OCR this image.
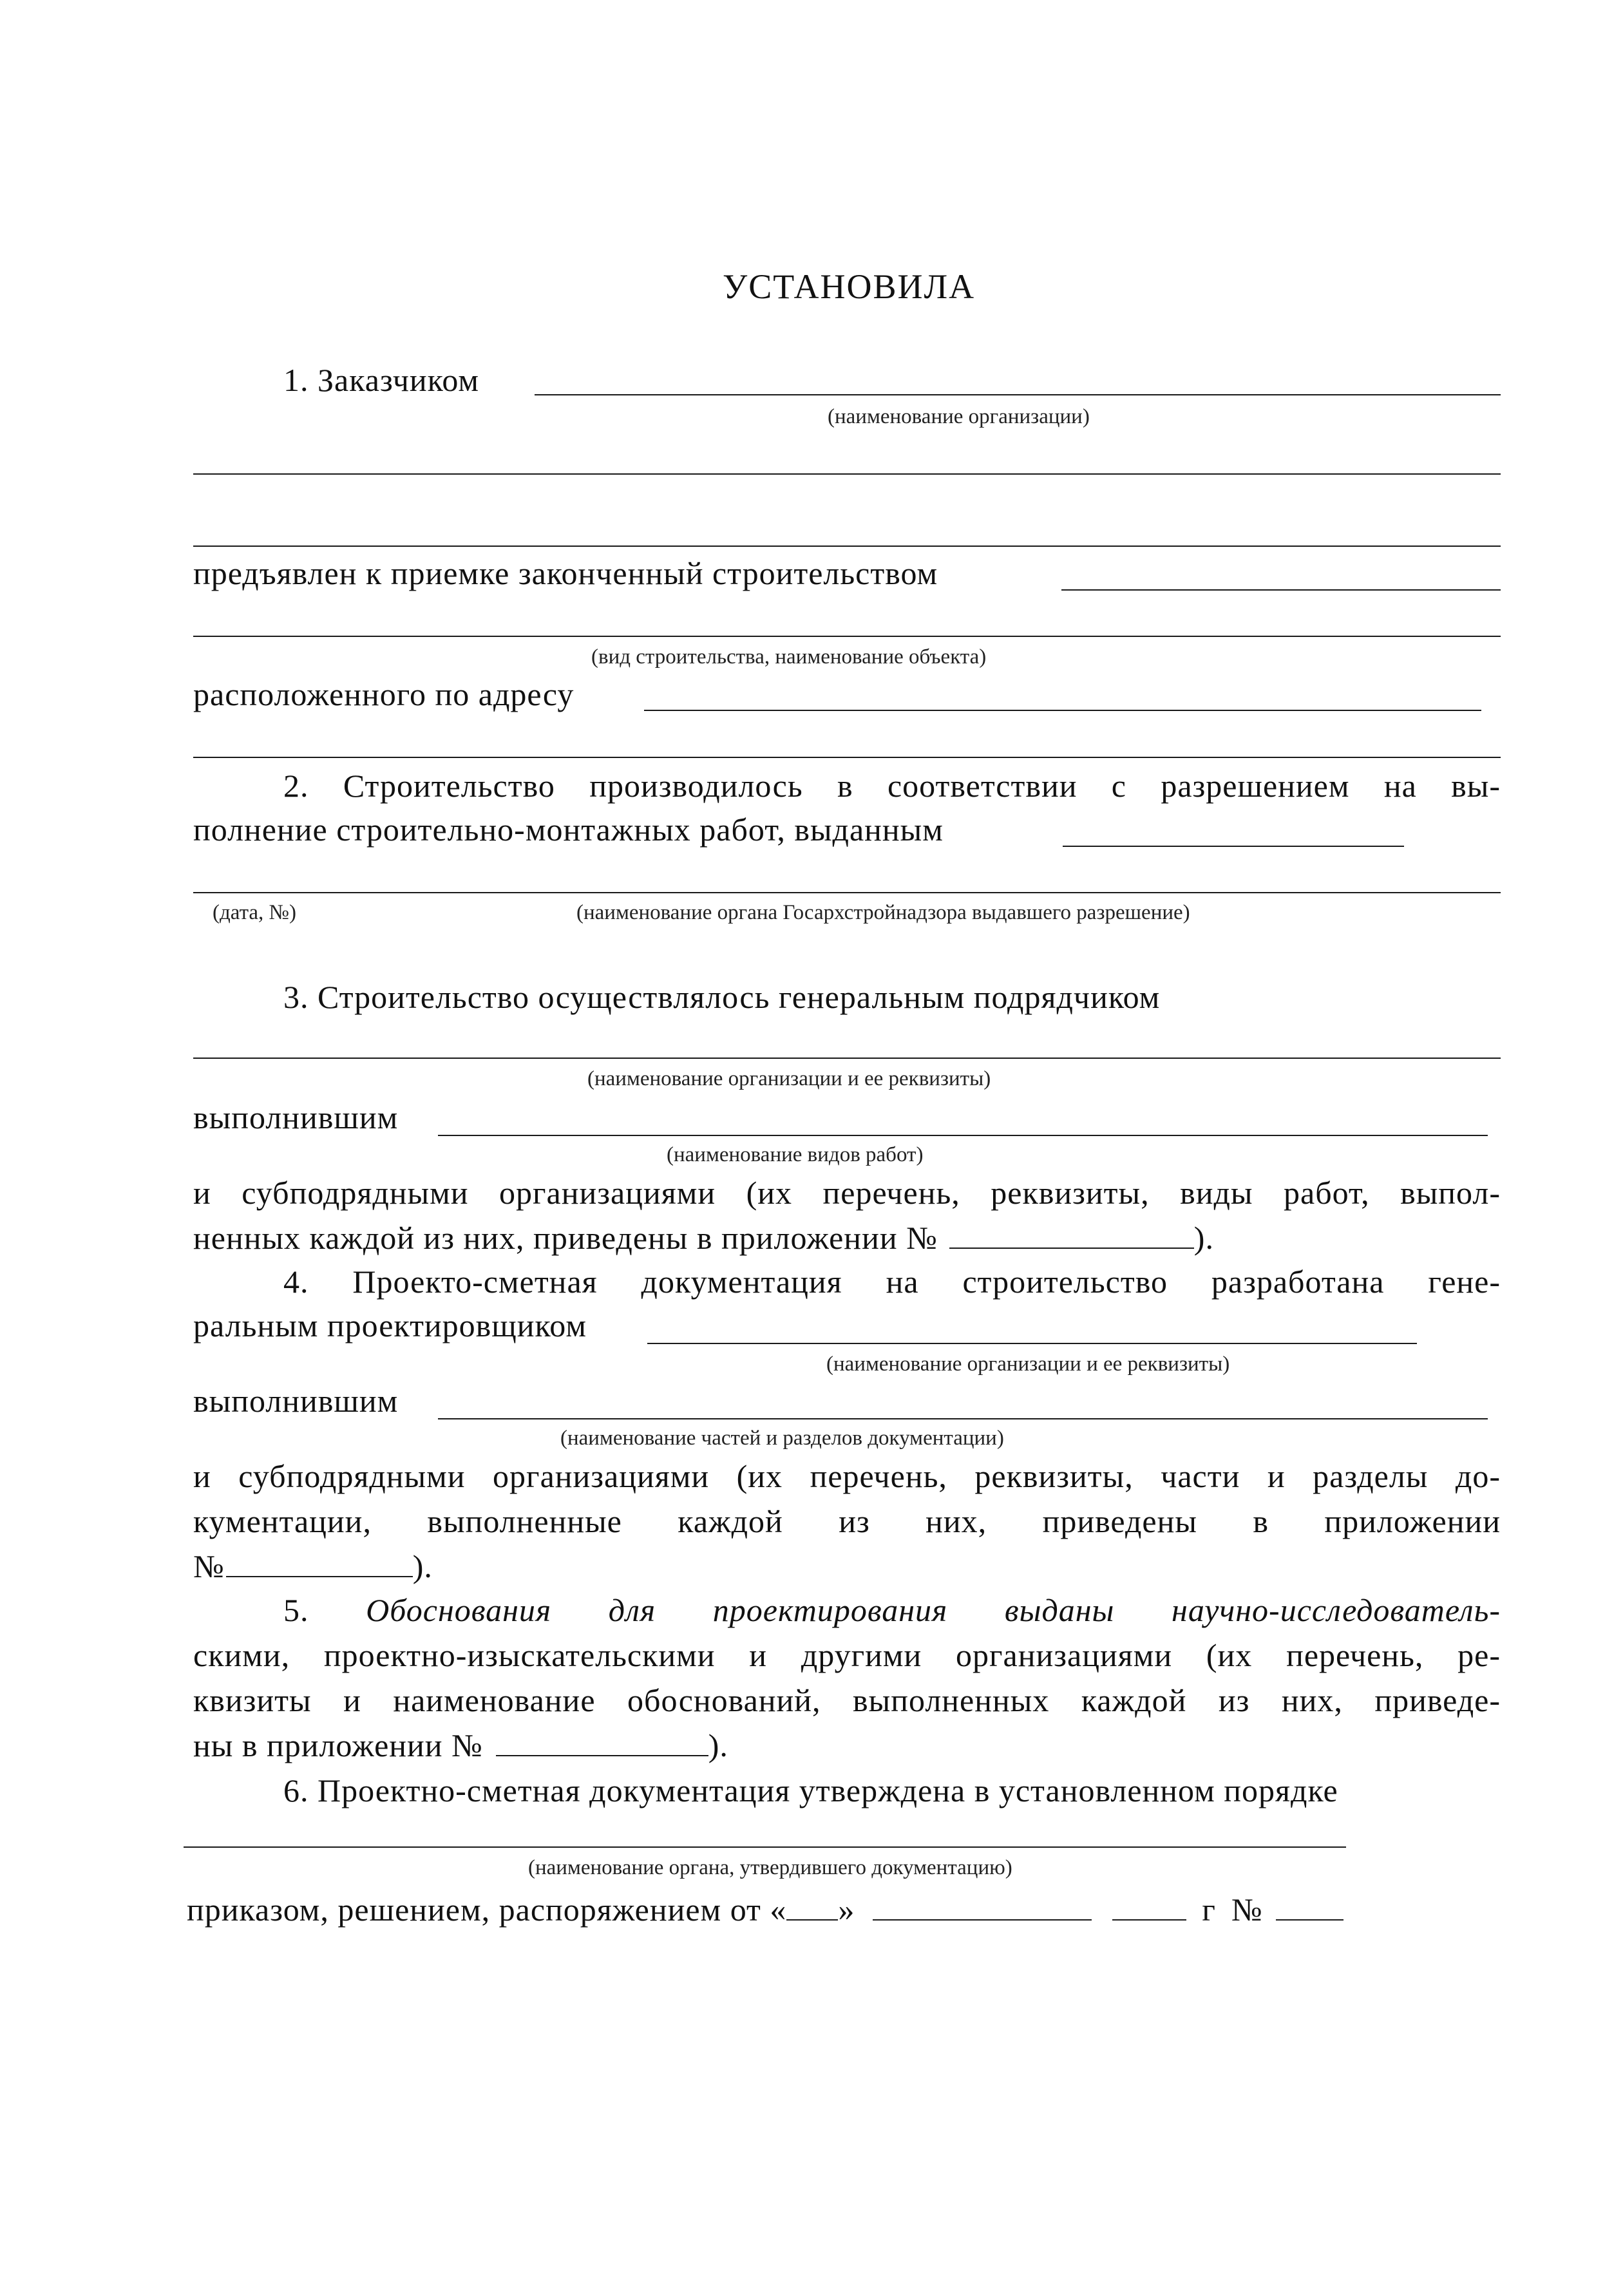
УСТАНОВИЛА
1. Заказчиком
(наименование организации)
предъявлен к приемке законченный строительством
(вид строительства, наименование объекта)
расположенного по адресу
2. Строительство производилось в соответствии с разрешением на вы-
полнение строительно-монтажных работ, выданным
(дата, №)	(наименование органа Госархстройнадзора выдавшего разрешение)
3. Строительство осуществлялось генеральным подрядчиком
(наименование организации и ее реквизиты)
выполнившим
(наименование видов работ)
и субподрядными организациями (их перечень, реквизиты, виды работ, выпол-
ненных каждой из них, приведены в приложении №	).
4. Проекто-сметная документация на строительство разработана гене-
ральным проектировщиком
(наименование организации и ее реквизиты)
выполнившим
(наименование частей и разделов документации)
и субподрядными организациями (их перечень, реквизиты, части и разделы до-
кументации, выполненные каждой из них, приведены в приложении
№	).
5. Обоснования для проектирования выданы научно-исследователь-
скими, проектно-изыскательскими и другими организациями (их перечень, ре-
квизиты и наименование обоснований, выполненных каждой из них, приведе-
ны в приложении №	).
6. Проектно-сметная документация утверждена в установленном порядке
(наименование органа, утвердившего документацию)
приказом, решением, распоряжением от « »	г №
